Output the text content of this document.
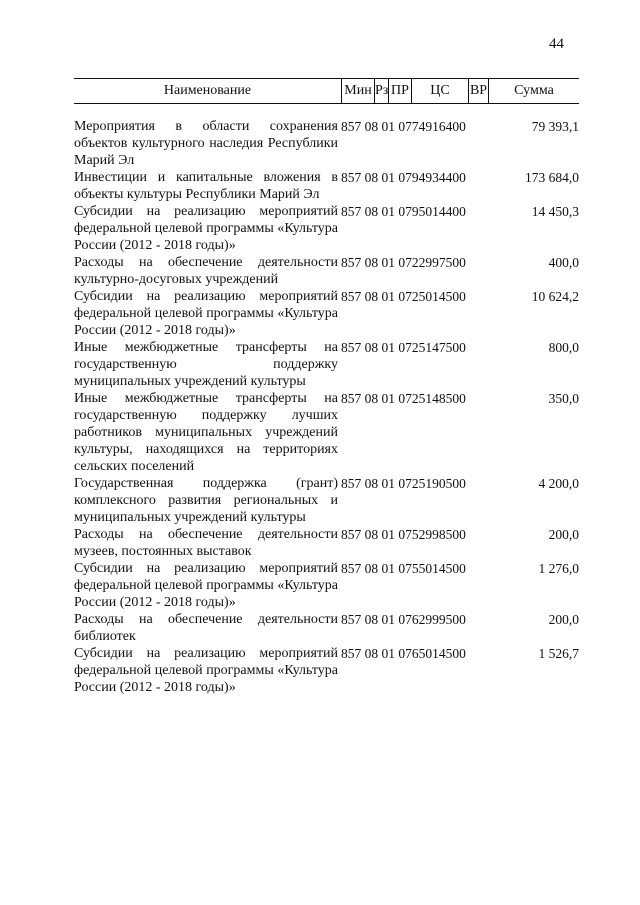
44
Наименование	Мин Рз ПР	ЦС	ВР	Сумма
Мероприятия в области сохранения объектов культурного наследия Республики Марий Эл
857 08 01 0774916400	79 393,1
Инвестиции и капитальные вложения в объекты культуры Республики Марий Эл
857 08 01 0794934400	173 684,0
Субсидии на реализацию мероприятий федеральной целевой программы «Культура России (2012 - 2018 годы)»
857 08 01 0795014400	14 450,3
Расходы на обеспечение деятельности культурно-досуговых учреждений
857 08 01 0722997500	400,0
Субсидии на реализацию мероприятий федеральной целевой программы «Культура России (2012 - 2018 годы)»
857 08 01 0725014500	10 624,2
Иные межбюджетные трансферты на государственную поддержку муниципальных учреждений культуры
857 08 01 0725147500	800,0
Иные межбюджетные трансферты на государственную поддержку лучших работников муниципальных учреждений культуры, находящихся на территориях сельских поселений
857 08 01 0725148500	350,0
Государственная поддержка (грант) комплексного развития региональных и муниципальных учреждений культуры
857 08 01 0725190500	4 200,0
Расходы на обеспечение деятельности музеев, постоянных выставок
857 08 01 0752998500	200,0
Субсидии на реализацию мероприятий федеральной целевой программы «Культура России (2012 - 2018 годы)»
857 08 01 0755014500	1 276,0
Расходы на обеспечение деятельности библиотек
857 08 01 0762999500	200,0
Субсидии на реализацию мероприятий федеральной целевой программы «Культура России (2012 - 2018 годы)»
857 08 01 0765014500	1 526,7
